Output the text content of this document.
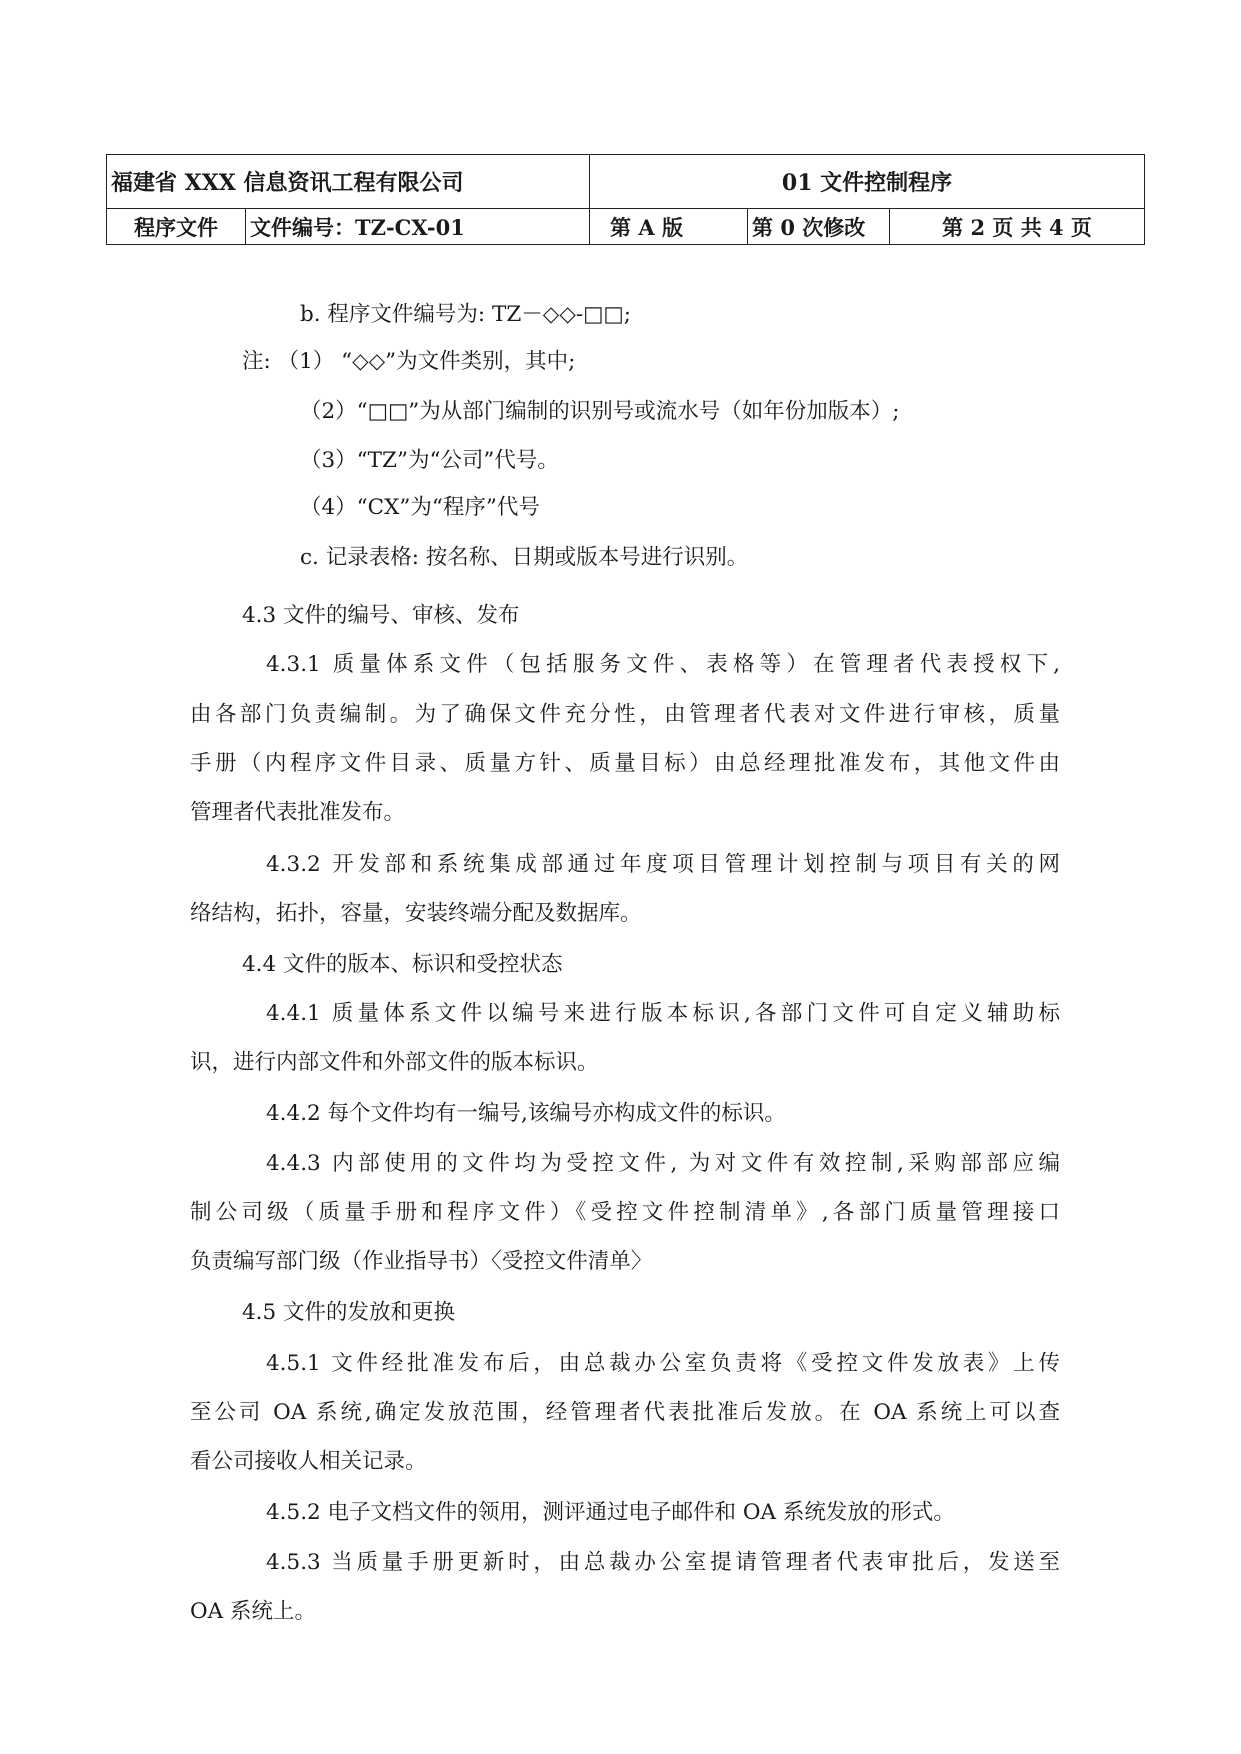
福建省 XXX 信息资讯工程有限公司		01 文件控制程序		
程序文件	文件编号：TZ-CX-01	第 A 版	第 0 次修改	第 2 页 共 4 页
b. 程序文件编号为: TZ－◇◇-□□;
注: （1） “◇◇”为文件类别，其中;
（2）“□□”为从部门编制的识别号或流水号（如年份加版本）;
（3）“TZ”为“公司”代号。
（4）“CX”为“程序”代号
c. 记录表格: 按名称、日期或版本号进行识别。
4.3 文件的编号、审核、发布
4.3.1 质量体系文件（包括服务文件、表格等）在管理者代表授权下,
由各部门负责编制。为了确保文件充分性，由管理者代表对文件进行审核，质量
手册（内程序文件目录、质量方针、质量目标）由总经理批准发布，其他文件由
管理者代表批准发布。
4.3.2 开发部和系统集成部通过年度项目管理计划控制与项目有关的网
络结构，拓扑，容量，安装终端分配及数据库。
4.4 文件的版本、标识和受控状态
4.4.1 质量体系文件以编号来进行版本标识,各部门文件可自定义辅助标
识，进行内部文件和外部文件的版本标识。
4.4.2 每个文件均有一编号,该编号亦构成文件的标识。
4.4.3 内部使用的文件均为受控文件, 为对文件有效控制,采购部部应编
制公司级（质量手册和程序文件）《受控文件控制清单》,各部门质量管理接口
负责编写部门级（作业指导书）〈受控文件清单〉
4.5 文件的发放和更换
4.5.1 文件经批准发布后，由总裁办公室负责将《受控文件发放表》上传
至公司 OA 系统,确定发放范围，经管理者代表批准后发放。在 OA 系统上可以查
看公司接收人相关记录。
4.5.2 电子文档文件的领用，测评通过电子邮件和 OA 系统发放的形式。
4.5.3 当质量手册更新时，由总裁办公室提请管理者代表审批后，发送至
OA 系统上。
